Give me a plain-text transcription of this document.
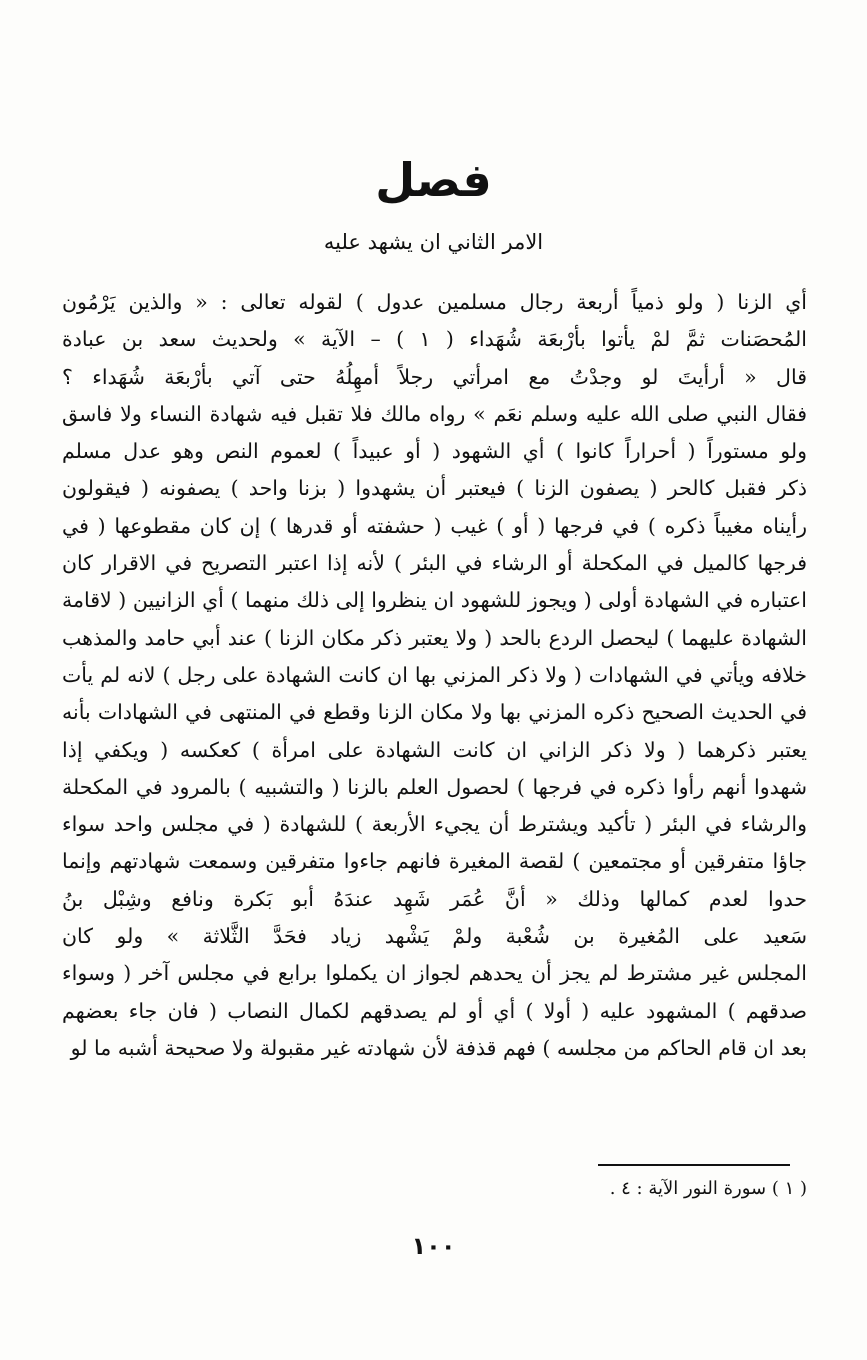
فصل
الامر الثاني ان يشهد عليه
أي الزنا ( ولو ذمياً أربعة رجال مسلمين عدول ) لقوله تعالى : « والذين يَرْمُون
المُحصَنات ثمَّ لمْ يأتوا بأرْبعَة شُهَداء ( ١ ) – الآية » ولحديث سعد بن عبادة
قال « أرأيتَ لو وجدْتُ مع امرأتي رجلاً أمهِلُهُ حتى آتي بأرْبعَة شُهَداء ؟
فقال النبي صلى الله عليه وسلم نعَم » رواه مالك فلا تقبل فيه شهادة النساء ولا فاسق
ولو مستوراً ( أحراراً كانوا ) أي الشهود ( أو عبيداً ) لعموم النص وهو عدل مسلم
ذكر فقبل كالحر ( يصفون الزنا ) فيعتبر أن يشهدوا ( بزنا واحد ) يصفونه ( فيقولون
رأيناه مغيباً ذكره ) في فرجها ( أو ) غيب ( حشفته أو قدرها ) إن كان مقطوعها ( في
فرجها كالميل في المكحلة أو الرشاء في البئر ) لأنه إذا اعتبر التصريح في الاقرار كان
اعتباره في الشهادة أولى ( ويجوز للشهود ان ينظروا إلى ذلك منهما ) أي الزانيين ( لاقامة
الشهادة عليهما ) ليحصل الردع بالحد ( ولا يعتبر ذكر مكان الزنا ) عند أبي حامد والمذهب
خلافه ويأتي في الشهادات ( ولا ذكر المزني بها ان كانت الشهادة على رجل ) لانه لم يأت
في الحديث الصحيح ذكره المزني بها ولا مكان الزنا وقطع في المنتهى في الشهادات بأنه
يعتبر ذكرهما ( ولا ذكر الزاني ان كانت الشهادة على امرأة ) كعكسه ( ويكفي إذا
شهدوا أنهم رأوا ذكره في فرجها ) لحصول العلم بالزنا ( والتشبيه ) بالمرود في المكحلة
والرشاء في البئر ( تأكيد ويشترط أن يجيء الأربعة ) للشهادة ( في مجلس واحد سواء
جاؤا متفرقين أو مجتمعين ) لقصة المغيرة فانهم جاءوا متفرقين وسمعت شهادتهم وإنما
حدوا لعدم كمالها وذلك « أنَّ عُمَر شَهِد عندَهُ أبو بَكرة ونافع وشِبْل بنُ
سَعيد على المُغيرة بن شُعْبة ولمْ يَشْهد زياد فحَدَّ الثَّلاثة » ولو كان
المجلس غير مشترط لم يجز أن يحدهم لجواز ان يكملوا برابع في مجلس آخر ( وسواء
صدقهم ) المشهود عليه ( أولا ) أي أو لم يصدقهم لكمال النصاب ( فان جاء بعضهم
بعد ان قام الحاكم من مجلسه ) فهم قذفة لأن شهادته غير مقبولة ولا صحيحة أشبه ما لو
( ١ ) سورة النور الآية : ٤ .
١٠٠
